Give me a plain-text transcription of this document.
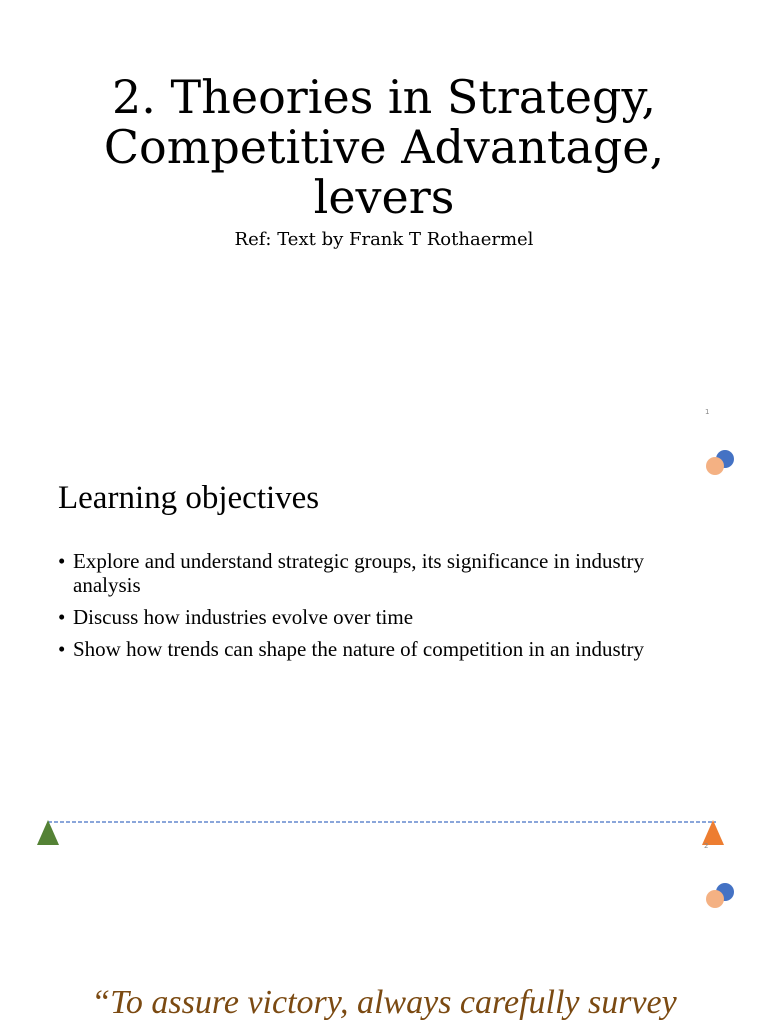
2. Theories in Strategy, Competitive Advantage, levers

Ref: Text by Frank T Rothaermel

1
Learning objectives
• Explore and understand strategic groups, its significance in industry analysis
• Discuss how industries evolve over time
• Show how trends can shape the nature of competition in an industry
2

“To assure victory, always carefully survey
